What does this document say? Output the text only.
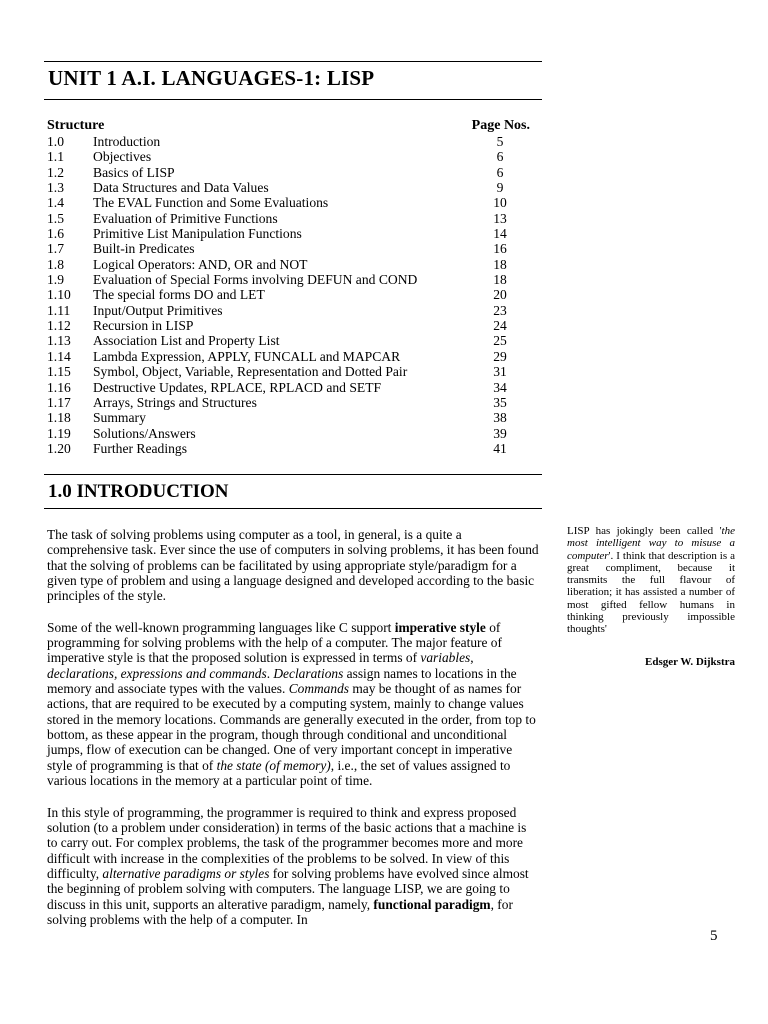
UNIT 1 A.I. LANGUAGES-1: LISP
Structure	Page Nos.
1.0	Introduction	5
1.1	Objectives	6
1.2	Basics of LISP	6
1.3	Data Structures and Data Values	9
1.4	The EVAL Function and Some Evaluations	10
1.5	Evaluation of Primitive Functions	13
1.6	Primitive List Manipulation Functions	14
1.7	Built-in Predicates	16
1.8	Logical Operators: AND, OR and NOT	18
1.9	Evaluation of Special Forms involving DEFUN and COND	18
1.10	The special forms DO and LET	20
1.11	Input/Output Primitives	23
1.12	Recursion in LISP	24
1.13	Association List and Property List	25
1.14	Lambda Expression, APPLY, FUNCALL and MAPCAR	29
1.15	Symbol, Object, Variable, Representation and Dotted Pair	31
1.16	Destructive Updates, RPLACE, RPLACD and SETF	34
1.17	Arrays, Strings and Structures	35
1.18	Summary	38
1.19	Solutions/Answers	39
1.20	Further Readings	41
1.0 INTRODUCTION

The task of solving problems using computer as a tool, in general, is a quite a comprehensive task. Ever since the use of computers in solving problems, it has been found that the solving of problems can be facilitated by using appropriate style/paradigm for a given type of problem and using a language designed and developed according to the basic principles of the style.

Some of the well-known programming languages like C support imperative style of programming for solving problems with the help of a computer. The major feature of imperative style is that the proposed solution is expressed in terms of variables, declarations, expressions and commands. Declarations assign names to locations in the memory and associate types with the values. Commands may be thought of as names for actions, that are required to be executed by a computing system, mainly to change values stored in the memory locations. Commands are generally executed in the order, from top to bottom, as these appear in the program, though through conditional and unconditional jumps, flow of execution can be changed. One of very important concept in imperative style of programming is that of the state (of memory), i.e., the set of values assigned to various locations in the memory at a particular point of time.

In this style of programming, the programmer is required to think and express proposed solution (to a problem under consideration) in terms of the basic actions that a machine is to carry out. For complex problems, the task of the programmer becomes more and more difficult with increase in the complexities of the problems to be solved. In view of this difficulty, alternative paradigms or styles for solving problems have evolved since almost the beginning of problem solving with computers. The language LISP, we are going to discuss in this unit, supports an alterative paradigm, namely, functional paradigm, for solving problems with the help of a computer. In

LISP has jokingly been called 'the most intelligent way to misuse a computer'. I think that description is a great compliment, because it transmits the full flavour of liberation; it has assisted a number of most gifted fellow humans in thinking previously impossible thoughts'
Edsger W. Dijkstra
5
